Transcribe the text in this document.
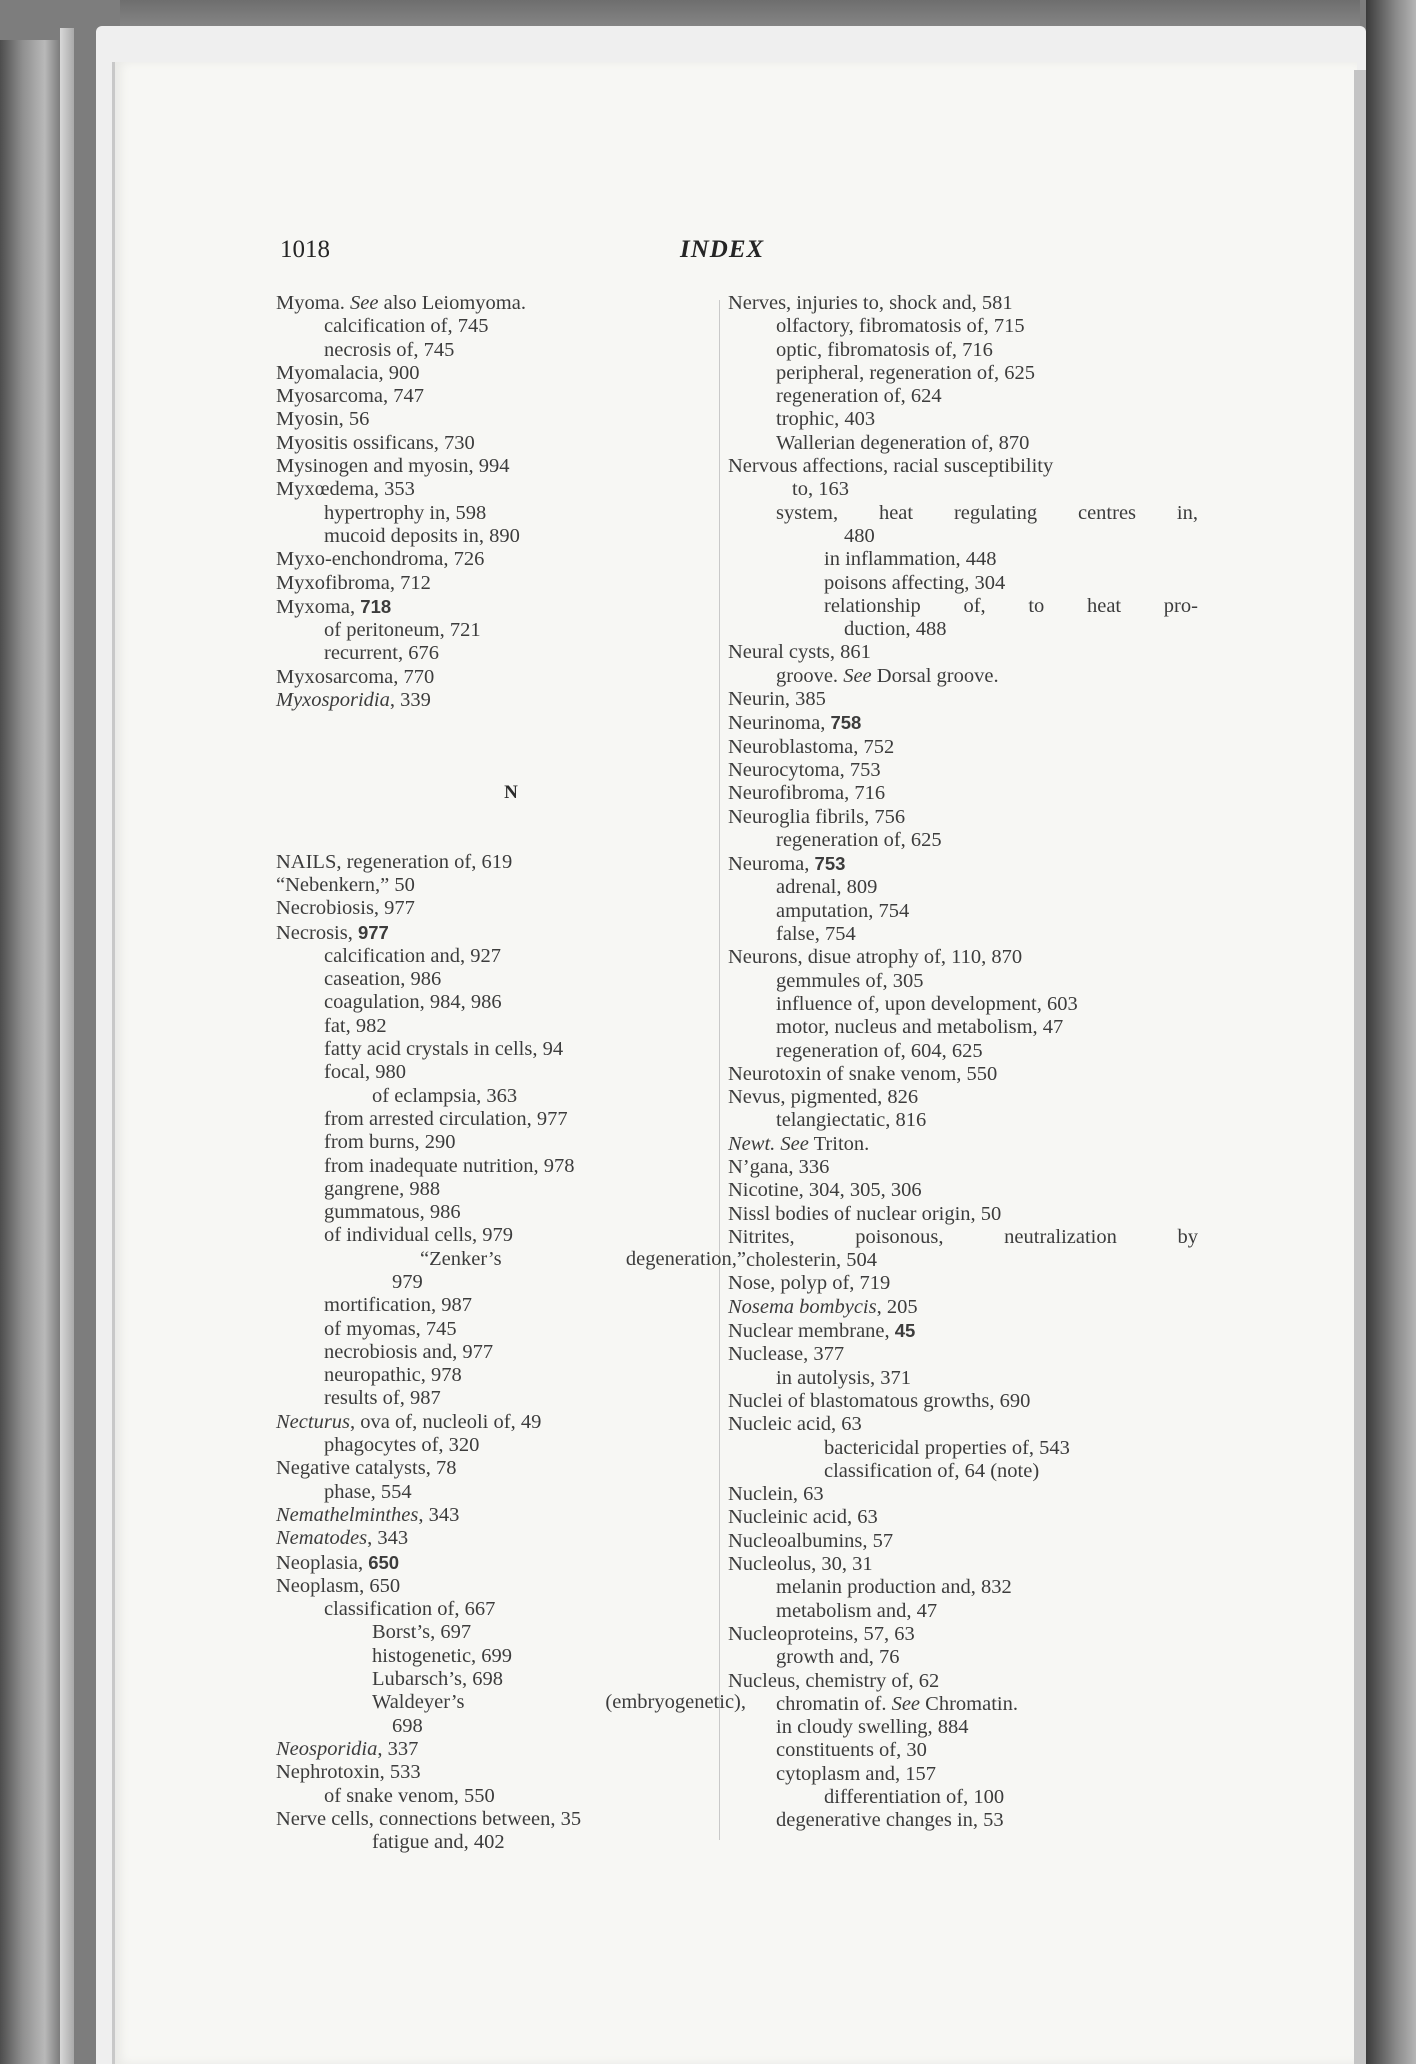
1018	INDEX
Myoma. See also Leiomyoma.
calcification of, 745
necrosis of, 745
Myomalacia, 900
Myosarcoma, 747
Myosin, 56
Myositis ossificans, 730
Mysinogen and myosin, 994
Myxœdema, 353
hypertrophy in, 598
mucoid deposits in, 890
Myxo-enchondroma, 726
Myxofibroma, 712
Myxoma, 718
of peritoneum, 721
recurrent, 676
Myxosarcoma, 770
Myxosporidia, 339
N
NAILS, regeneration of, 619
“Nebenkern,” 50
Necrobiosis, 977
Necrosis, 977
calcification and, 927
caseation, 986
coagulation, 984, 986
fat, 982
fatty acid crystals in cells, 94
focal, 980
of eclampsia, 363
from arrested circulation, 977
from burns, 290
from inadequate nutrition, 978
gangrene, 988
gummatous, 986
of individual cells, 979
“Zenker’s	degeneration,”
979
mortification, 987
of myomas, 745
necrobiosis and, 977
neuropathic, 978
results of, 987
Necturus, ova of, nucleoli of, 49
phagocytes of, 320
Negative catalysts, 78
phase, 554
Nemathelminthes, 343
Nematodes, 343
Neoplasia, 650
Neoplasm, 650
classification of, 667
Borst’s, 697
histogenetic, 699
Lubarsch’s, 698
Waldeyer’s	(embryogenetic),
698
Neosporidia, 337
Nephrotoxin, 533
of snake venom, 550
Nerve cells, connections between, 35
fatigue and, 402
Nerves, injuries to, shock and, 581
olfactory, fibromatosis of, 715
optic, fibromatosis of, 716
peripheral, regeneration of, 625
regeneration of, 624
trophic, 403
Wallerian degeneration of, 870
Nervous affections, racial susceptibility
to, 163
system, heat regulating centres in,
480
in inflammation, 448
poisons affecting, 304
relationship of, to heat pro-
duction, 488
Neural cysts, 861
groove. See Dorsal groove.
Neurin, 385
Neurinoma, 758
Neuroblastoma, 752
Neurocytoma, 753
Neurofibroma, 716
Neuroglia fibrils, 756
regeneration of, 625
Neuroma, 753
adrenal, 809
amputation, 754
false, 754
Neurons, disue atrophy of, 110, 870
gemmules of, 305
influence of, upon development, 603
motor, nucleus and metabolism, 47
regeneration of, 604, 625
Neurotoxin of snake venom, 550
Nevus, pigmented, 826
telangiectatic, 816
Newt. See Triton.
N’gana, 336
Nicotine, 304, 305, 306
Nissl bodies of nuclear origin, 50
Nitrites,	poisonous,	neutralization	by
cholesterin, 504
Nose, polyp of, 719
Nosema bombycis, 205
Nuclear membrane, 45
Nuclease, 377
in autolysis, 371
Nuclei of blastomatous growths, 690
Nucleic acid, 63
bactericidal properties of, 543
classification of, 64 (note)
Nuclein, 63
Nucleinic acid, 63
Nucleoalbumins, 57
Nucleolus, 30, 31
melanin production and, 832
metabolism and, 47
Nucleoproteins, 57, 63
growth and, 76
Nucleus, chemistry of, 62
chromatin of. See Chromatin.
in cloudy swelling, 884
constituents of, 30
cytoplasm and, 157
differentiation of, 100
degenerative changes in, 53
